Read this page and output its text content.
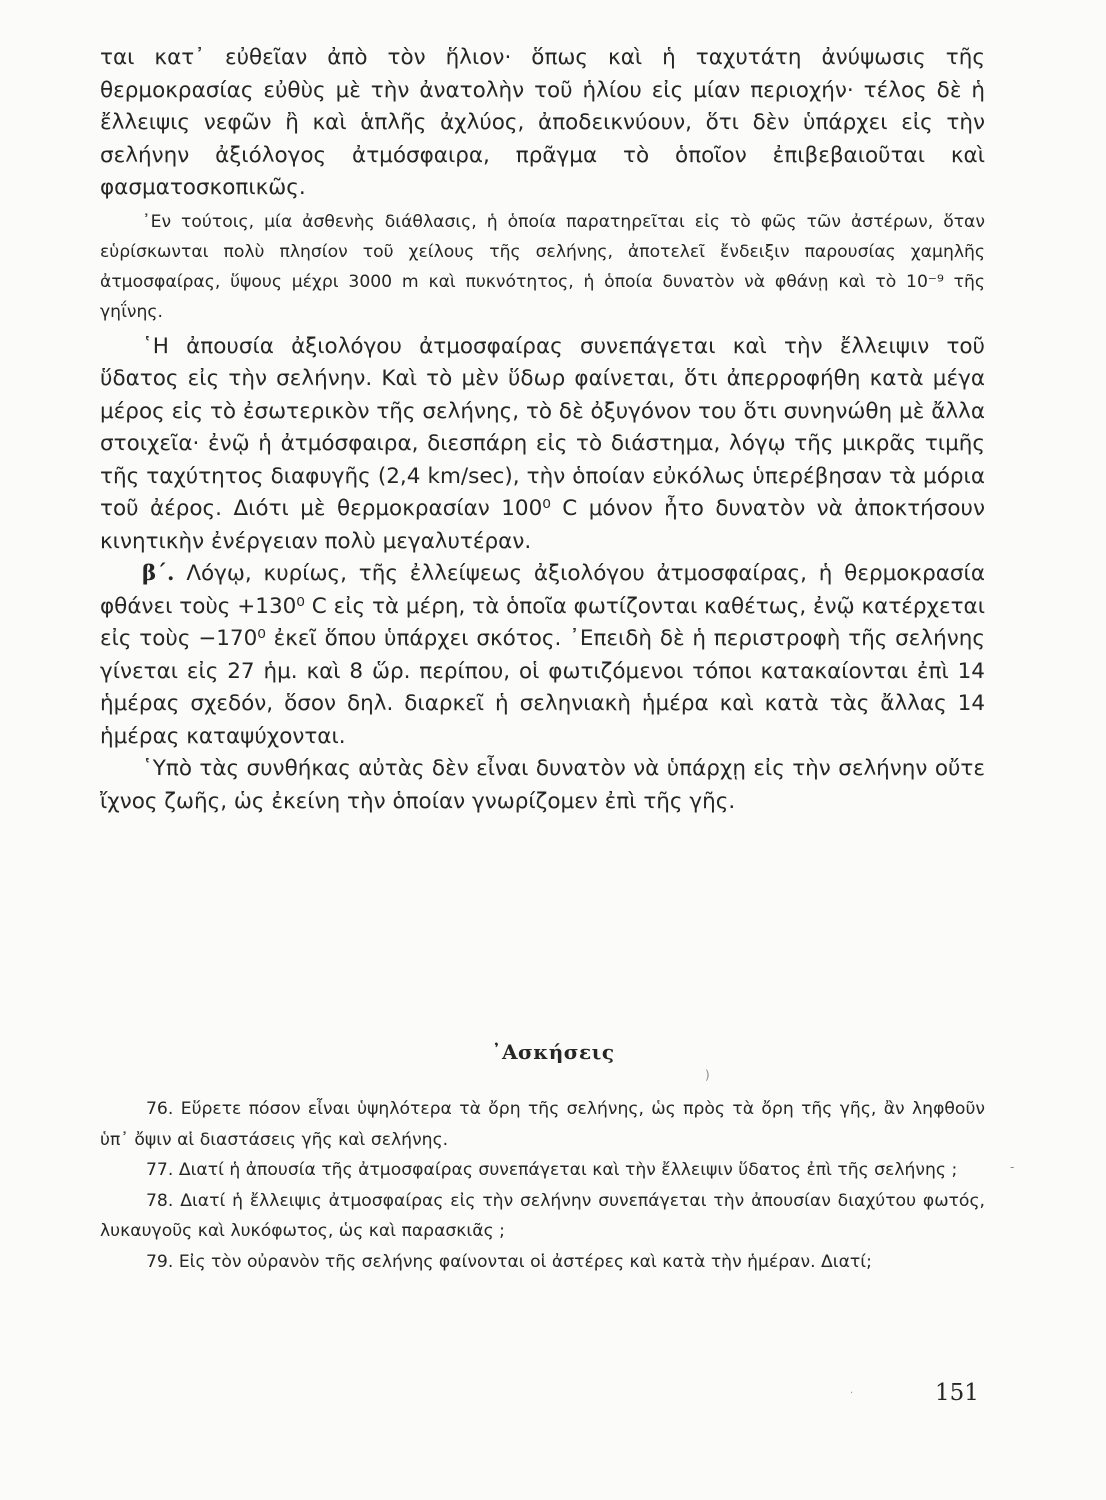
ται κατ᾽ εὐθεῖαν ἀπὸ τὸν ἥλιον· ὅπως καὶ ἡ ταχυτάτη ἀνύψωσις τῆς θερμοκρασίας εὐθὺς μὲ τὴν ἀνατολὴν τοῦ ἡλίου εἰς μίαν περιοχήν· τέλος δὲ ἡ ἔλλειψις νεφῶν ἢ καὶ ἁπλῆς ἀχλύος, ἀποδεικνύουν, ὅτι δὲν ὑπάρχει εἰς τὴν σελήνην ἀξιόλογος ἀτμόσφαιρα, πρᾶγμα τὸ ὁποῖον ἐπιβεβαιοῦται καὶ φασματοσκοπικῶς.

᾽Εν τούτοις, μία ἀσθενὴς διάθλασις, ἡ ὁποία παρατηρεῖται εἰς τὸ φῶς τῶν ἀστέρων, ὅταν εὑρίσκωνται πολὺ πλησίον τοῦ χείλους τῆς σελήνης, ἀποτελεῖ ἔνδειξιν παρουσίας χαμηλῆς ἀτμοσφαίρας, ὕψους μέχρι 3000 m καὶ πυκνότητος, ἡ ὁποία δυνατὸν νὰ φθάνῃ καὶ τὸ 10⁻⁹ τῆς γηΐνης.

῾Η ἀπουσία ἀξιολόγου ἀτμοσφαίρας συνεπάγεται καὶ τὴν ἔλλειψιν τοῦ ὕδατος εἰς τὴν σελήνην. Καὶ τὸ μὲν ὕδωρ φαίνεται, ὅτι ἀπερροφήθη κατὰ μέγα μέρος εἰς τὸ ἐσωτερικὸν τῆς σελήνης, τὸ δὲ ὀξυγόνον του ὅτι συνηνώθη μὲ ἄλλα στοιχεῖα· ἐνῷ ἡ ἀτμόσφαιρα, διεσπάρη εἰς τὸ διάστημα, λόγῳ τῆς μικρᾶς τιμῆς τῆς ταχύτητος διαφυγῆς (2,4 km/sec), τὴν ὁποίαν εὐκόλως ὑπερέβησαν τὰ μόρια τοῦ ἀέρος. Διότι μὲ θερμοκρασίαν 100⁰ C μόνον ἦτο δυνατὸν νὰ ἀποκτήσουν κινητικὴν ἐνέργειαν πολὺ μεγαλυτέραν.

β΄. Λόγῳ, κυρίως, τῆς ἐλλείψεως ἀξιολόγου ἀτμοσφαίρας, ἡ θερμοκρασία φθάνει τοὺς +130⁰ C εἰς τὰ μέρη, τὰ ὁποῖα φωτίζονται καθέτως, ἐνῷ κατέρχεται εἰς τοὺς −170⁰ ἐκεῖ ὅπου ὑπάρχει σκότος. ᾽Επειδὴ δὲ ἡ περιστροφὴ τῆς σελήνης γίνεται εἰς 27 ἡμ. καὶ 8 ὥρ. περίπου, οἱ φωτιζόμενοι τόποι κατακαίονται ἐπὶ 14 ἡμέρας σχεδόν, ὅσον δηλ. διαρκεῖ ἡ σεληνιακὴ ἡμέρα καὶ κατὰ τὰς ἄλλας 14 ἡμέρας καταψύχονται.

῾Υπὸ τὰς συνθήκας αὐτὰς δὲν εἶναι δυνατὸν νὰ ὑπάρχῃ εἰς τὴν σελήνην οὔτε ἴχνος ζωῆς, ὡς ἐκείνη τὴν ὁποίαν γνωρίζομεν ἐπὶ τῆς γῆς.

᾽Ασκήσεις
)
‑

76. Εὕρετε πόσον εἶναι ὑψηλότερα τὰ ὄρη τῆς σελήνης, ὡς πρὸς τὰ ὄρη τῆς γῆς, ἂν ληφθοῦν ὑπ᾽ ὄψιν αἱ διαστάσεις γῆς καὶ σελήνης.

77. Διατί ἡ ἀπουσία τῆς ἀτμοσφαίρας συνεπάγεται καὶ τὴν ἔλλειψιν ὕδατος ἐπὶ τῆς σελήνης ;

78. Διατί ἡ ἔλλειψις ἀτμοσφαίρας εἰς τὴν σελήνην συνεπάγεται τὴν ἀπουσίαν διαχύτου φωτός, λυκαυγοῦς καὶ λυκόφωτος, ὡς καὶ παρασκιᾶς ;

79. Εἰς τὸν οὐρανὸν τῆς σελήνης φαίνονται οἱ ἀστέρες καὶ κατὰ τὴν ἡμέραν. Διατί;

·	151
